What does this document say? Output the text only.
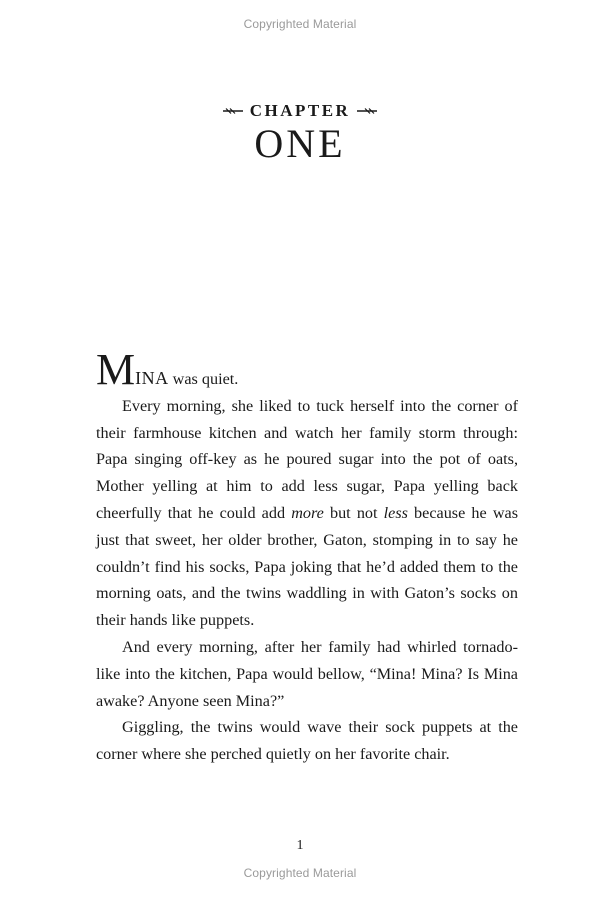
Copyrighted Material
CHAPTER
ONE

MINA was quiet.

Every morning, she liked to tuck herself into the corner of their farmhouse kitchen and watch her family storm through: Papa singing off-key as he poured sugar into the pot of oats, Mother yelling at him to add less sugar, Papa yelling back cheerfully that he could add more but not less because he was just that sweet, her older brother, Gaton, stomping in to say he couldn’t find his socks, Papa joking that he’d added them to the morning oats, and the twins waddling in with Gaton’s socks on their hands like puppets.

And every morning, after her family had whirled tornado-like into the kitchen, Papa would bellow, “Mina! Mina? Is Mina awake? Anyone seen Mina?”

Giggling, the twins would wave their sock puppets at the corner where she perched quietly on her favorite chair.

1
Copyrighted Material
